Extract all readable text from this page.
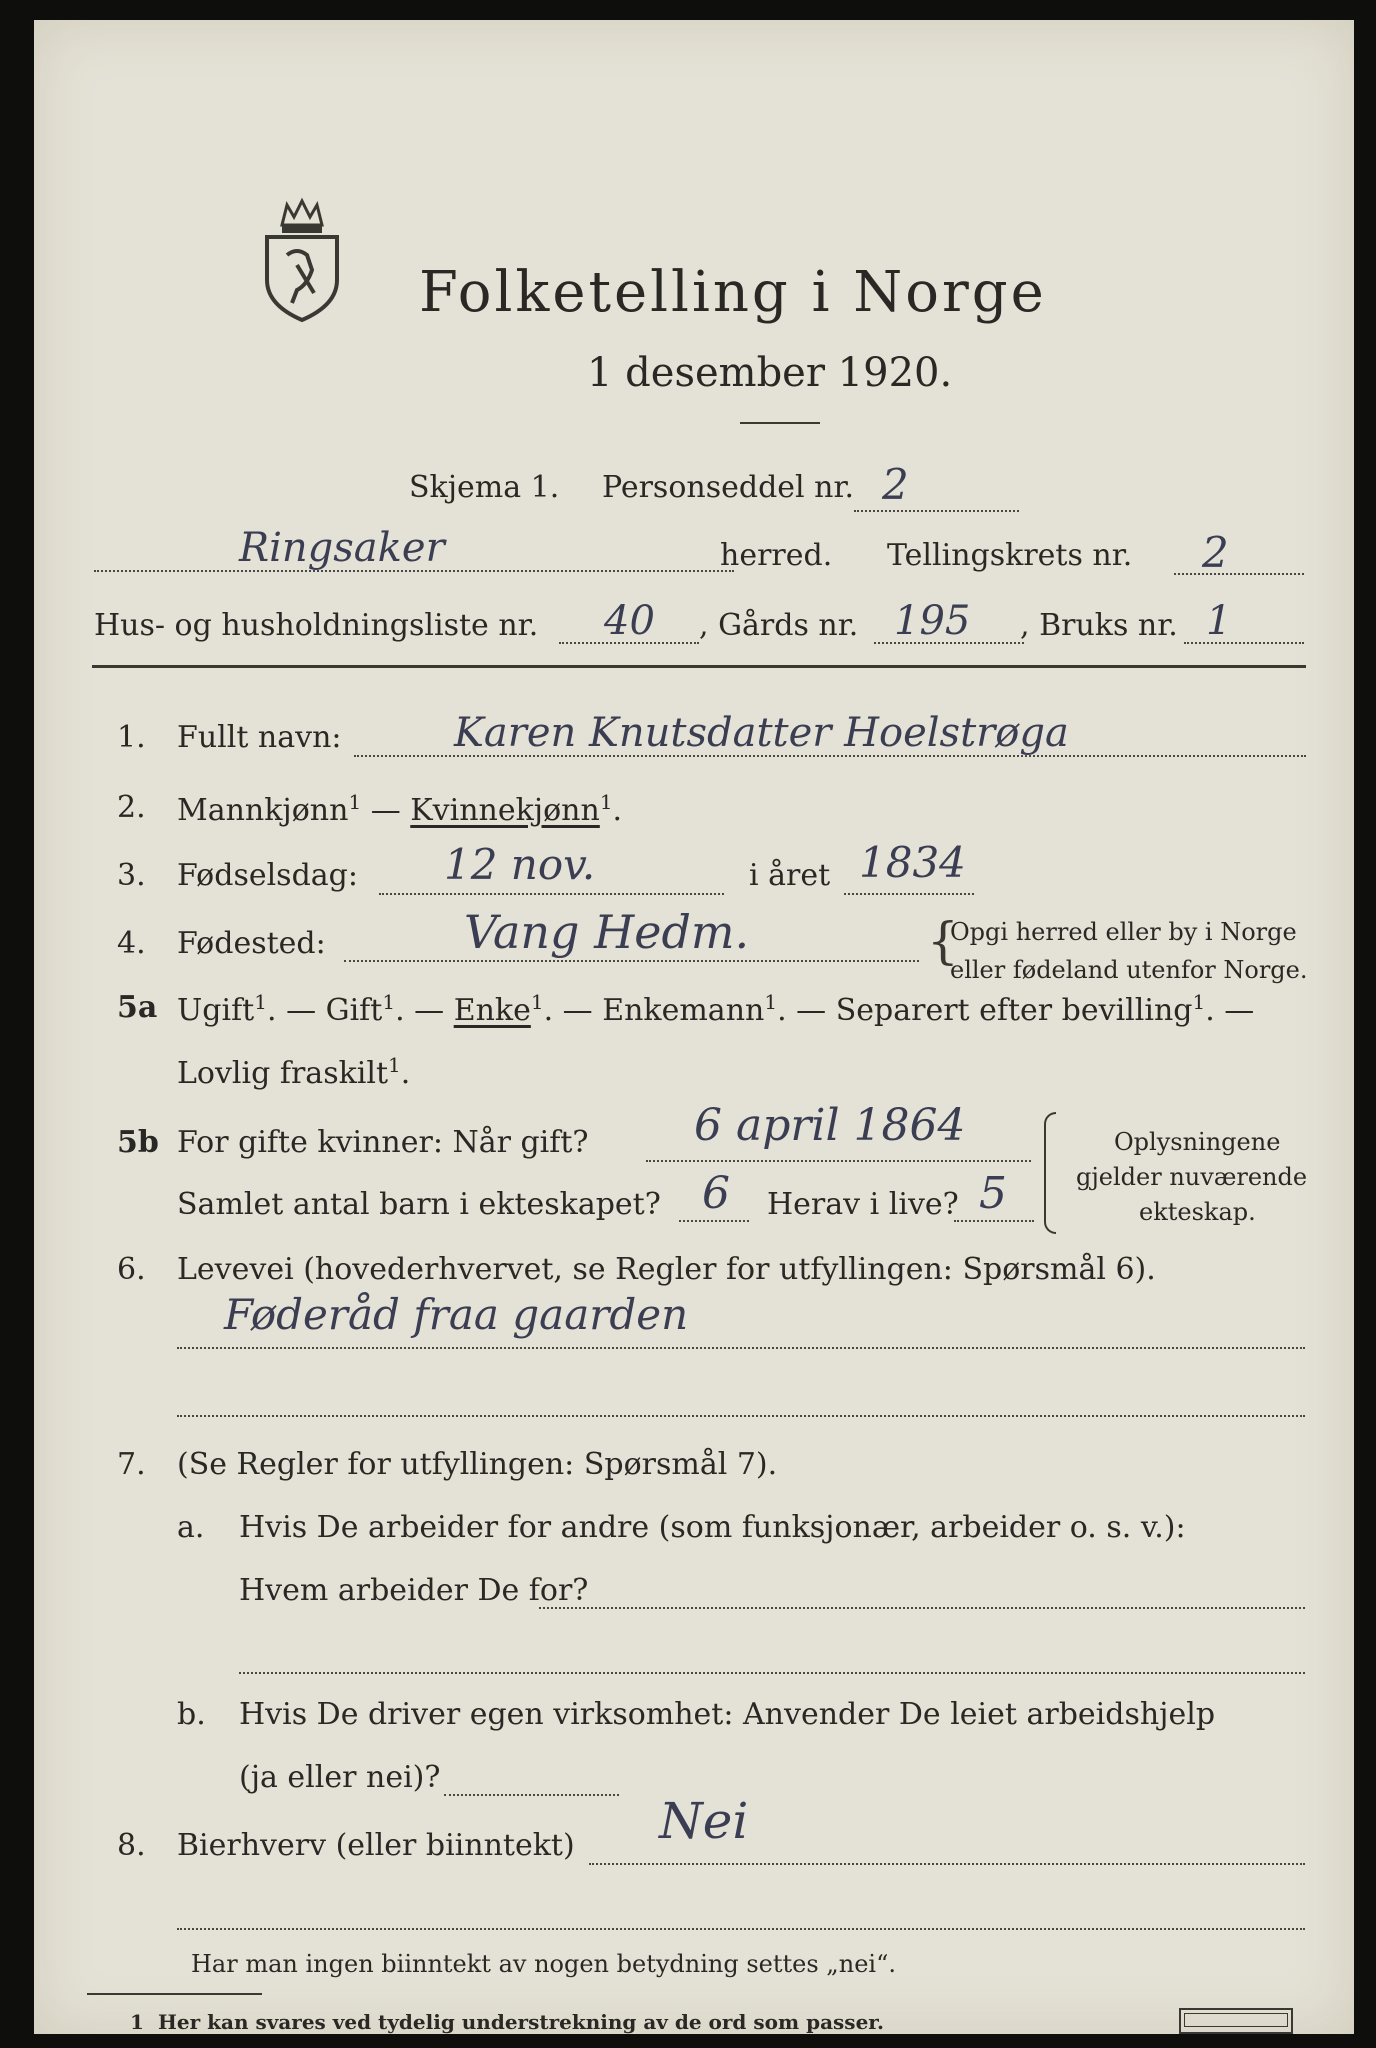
Folketelling i Norge
1 desember 1920.
Skjema 1. Personseddel nr. 2
Ringsaker	herred. Tellingskrets nr. 2
Hus- og husholdningsliste nr. 40 , Gårds nr. 195 , Bruks nr. 1
1. Fullt navn:	Karen Knutsdatter Hoelstrøga
2. Mannkjønn$^1$ — Kvinnekjønn$^1$.
3. Fødselsdag: 12 nov.	i året 1834
4. Fødested:	Vang Hedm.	{
Opgi herred eller by i Norge
eller fødeland utenfor Norge.
5a Ugift$^1$. — Gift$^1$. — Enke$^1$. — Enkemann$^1$. — Separert efter bevilling$^1$. —
Lovlig fraskilt$^1$.
5b For gifte kvinner: Når gift? 6 april 1864
Samlet antal barn i ekteskapet? 6 Herav i live? 5
Oplysningene
gjelder nuværende
ekteskap.
6. Levevei (hovederhvervet, se Regler for utfyllingen: Spørsmål 6).
Føderåd fraa gaarden
7. (Se Regler for utfyllingen: Spørsmål 7).
a. Hvis De arbeider for andre (som funksjonær, arbeider o. s. v.):
Hvem arbeider De for?
b. Hvis De driver egen virksomhet: Anvender De leiet arbeidshjelp
(ja eller nei)?
8. Bierhverv (eller biinntekt) Nei
Har man ingen biinntekt av nogen betydning settes „nei“.
1 Her kan svares ved tydelig understrekning av de ord som passer.
